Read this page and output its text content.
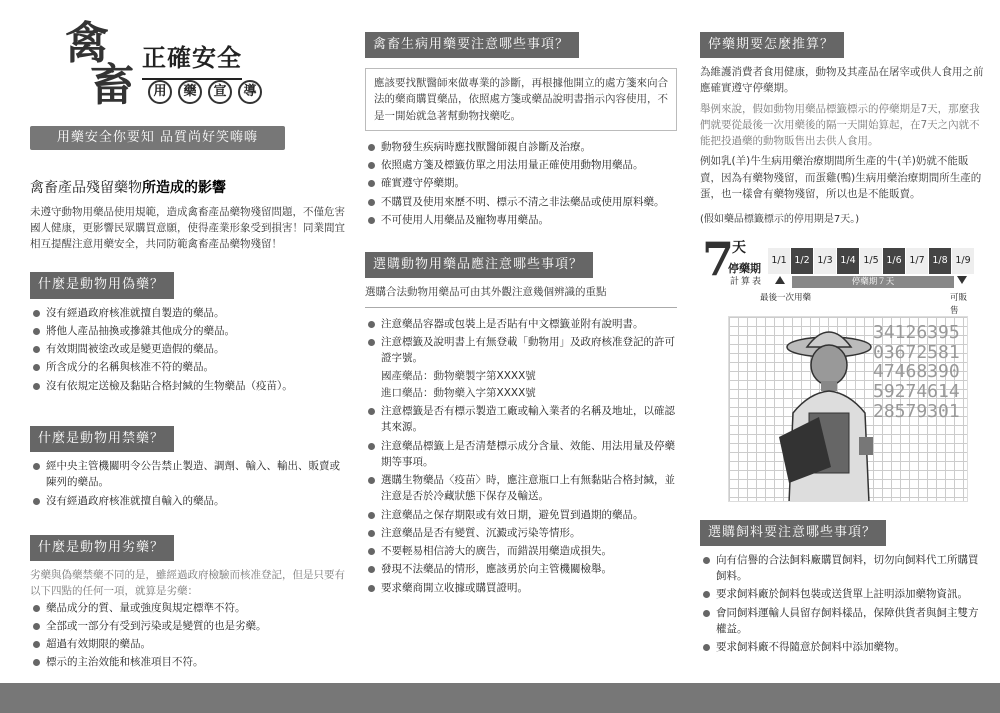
禽
畜
正確安全
用	藥	宣	導
用藥安全你要知 品質尚好笑嗨嗨
禽畜產品殘留藥物所造成的影響

未遵守動物用藥品使用規範，造成禽畜產品藥物殘留問題，不僅危害國人健康，更影響民眾購買意願，使得產業形象受到損害！同業間宜相互提醒注意用藥安全，共同防範禽畜產品藥物殘留！

什麼是動物用偽藥？
沒有經過政府核准就擅自製造的藥品。
將他人產品抽換或摻雜其他成分的藥品。
有效期間被塗改或是變更造假的藥品。
所含成分的名稱與核准不符的藥品。
沒有依規定送檢及黏貼合格封緘的生物藥品（疫苗）。
什麼是動物用禁藥？
經中央主管機關明令公告禁止製造、調劑、輸入、輸出、販賣或陳列的藥品。
沒有經過政府核准就擅自輸入的藥品。
什麼是動物用劣藥？

劣藥與偽藥禁藥不同的是，雖經過政府檢驗而核准登記，但是只要有以下四點的任何一項，就算是劣藥：

藥品成分的質、量或強度與規定標準不符。
全部或一部分有受到污染或是變質的也是劣藥。
超過有效期限的藥品。
標示的主治效能和核准項目不符。
禽畜生病用藥要注意哪些事項？

應該要找獸醫師來做專業的診斷，再根據他開立的處方箋來向合法的藥商購買藥品，依照處方箋或藥品說明書指示內容使用，不是一開始就急著幫動物找藥吃。

動物發生疾病時應找獸醫師親自診斷及治療。
依照處方箋及標籤仿單之用法用量正確使用動物用藥品。
確實遵守停藥期。
不購買及使用來歷不明、標示不清之非法藥品或使用原料藥。
不可使用人用藥品及寵物專用藥品。
選購動物用藥品應注意哪些事項？

選購合法動物用藥品可由其外觀注意幾個辨識的重點

注意藥品容器或包裝上是否貼有中文標籤並附有說明書。
注意標籤及說明書上有無登載「動物用」及政府核准登記的許可證字號。

國產藥品：動物藥製字第XXXX號

進口藥品：動物藥入字第XXXX號

注意標籤是否有標示製造工廠或輸入業者的名稱及地址，以確認其來源。
注意藥品標籤上是否清楚標示成分含量、效能、用法用量及停藥期等事項。
選購生物藥品〈疫苗〉時，應注意瓶口上有無黏貼合格封緘，並注意是否於冷藏狀態下保存及輸送。
注意藥品之保存期限或有效日期，避免買到過期的藥品。
注意藥品是否有變質、沉澱或污染等情形。
不要輕易相信誇大的廣告，而錯誤用藥造成損失。
發現不法藥品的情形，應該勇於向主管機關檢舉。
要求藥商開立收據或購買證明。
停藥期要怎麼推算？

為維護消費者食用健康，動物及其產品在屠宰或供人食用之前應確實遵守停藥期。

舉例來說，假如動物用藥品標籤標示的停藥期是7天，那麼我們就要從最後一次用藥後的隔一天開始算起，在7天之內就不能把投過藥的動物販售出去供人食用。

例如乳(羊)牛生病用藥治療期間所生產的牛(羊)奶就不能販賣，因為有藥物殘留，而蛋雞(鴨)生病用藥治療期間所生產的蛋，也一樣會有藥物殘留，所以也是不能販賣。

(假如藥品標籤標示的停用期是7天。)

7
天
停藥期
計算表
1/1 1/2 1/3 1/4 1/5 1/6 1/7 1/8 1/9
停藥期７天
最後一次用藥	可販售
3412639503672581474683905927461428579301
選購飼料要注意哪些事項？
向有信譽的合法飼料廠購買飼料，切勿向飼料代工所購買飼料。
要求飼料廠於飼料包裝或送貨單上註明添加藥物資訊。
會同飼料運輸人員留存飼料樣品，保障供貨者與飼主雙方權益。
要求飼料廠不得隨意於飼料中添加藥物。
